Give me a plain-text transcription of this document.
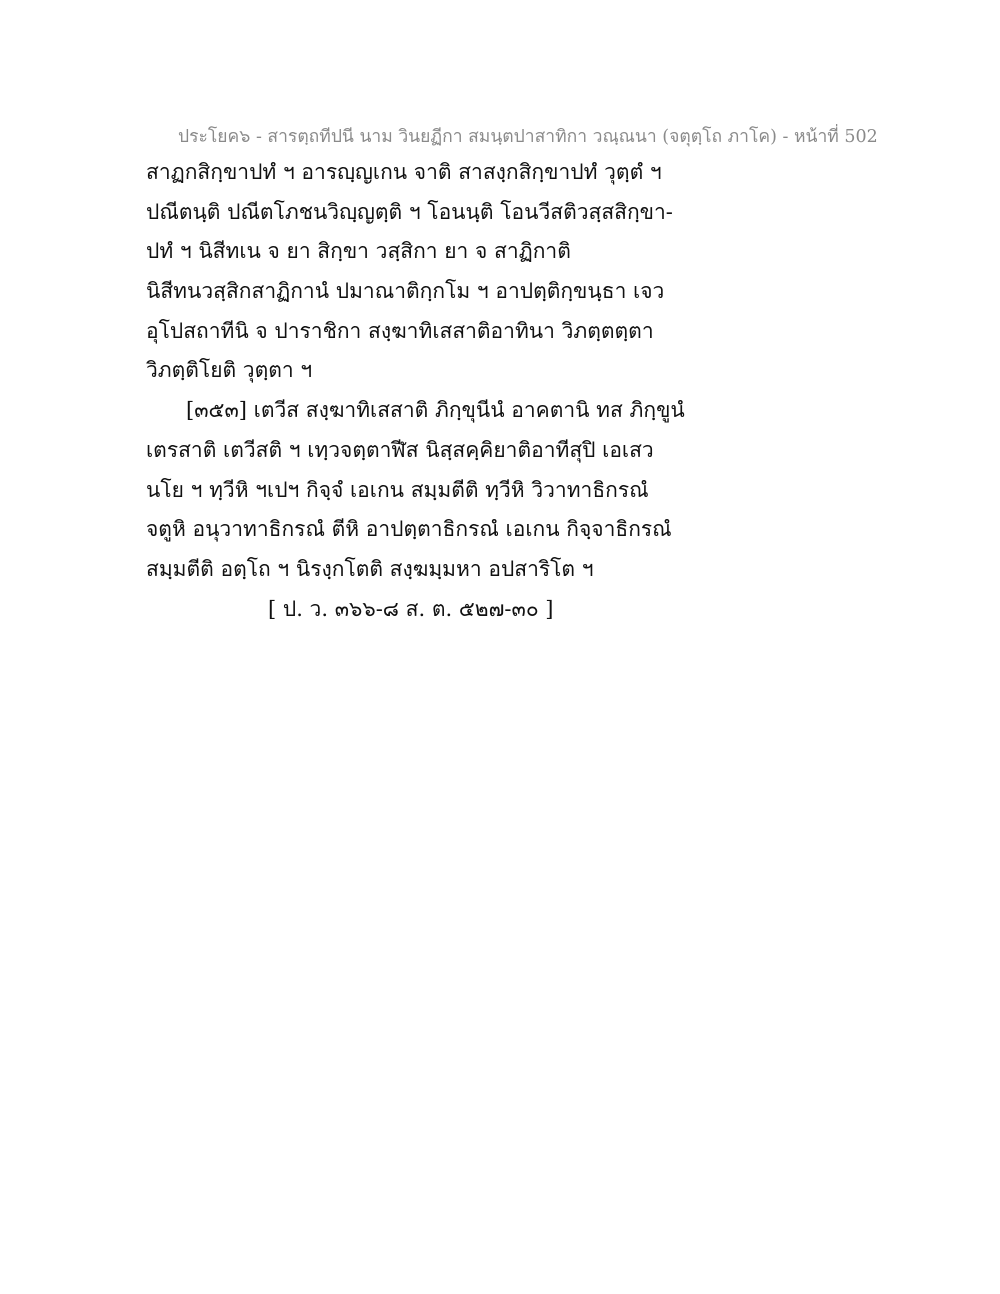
ประโยค๖ - สารตฺถทีปนี นาม วินยฏีกา สมนฺตปาสาทิกา วณฺณนา (จตุตฺโถ ภาโค) - หน้าที่ 502
สาฏกสิกฺขาปทํ ฯ อารญฺญเกน จาติ สาสงฺกสิกฺขาปทํ วุตฺตํ ฯ
ปณีตนฺติ ปณีตโภชนวิญฺญตฺติ ฯ โอนนฺติ โอนวีสติวสฺสสิกฺขา-
ปทํ ฯ นิสีทเน จ ยา สิกฺขา วสฺสิกา ยา จ สาฏิกาติ
นิสีทนวสฺสิกสาฏิกานํ ปมาณาติกฺกโม ฯ อาปตฺติกฺขนฺธา เจว
อุโปสถาทีนิ จ ปาราชิกา สงฺฆาทิเสสาติอาทินา วิภตฺตตฺตา
วิภตฺติโยติ วุตฺตา ฯ
[๓๕๓] เตวีส สงฺฆาทิเสสาติ ภิกฺขุนีนํ อาคตานิ ทส ภิกฺขูนํ
เตรสาติ เตวีสติ ฯ เทฺวจตฺตาฬีส นิสฺสคฺคิยาติอาทีสุปิ เอเสว
นโย ฯ ทฺวีหิ ฯเปฯ กิจฺจํ เอเกน สมฺมตีติ ทฺวีหิ วิวาทาธิกรณํ
จตูหิ อนุวาทาธิกรณํ ตีหิ อาปตฺตาธิกรณํ เอเกน กิจฺจาธิกรณํ
สมฺมตีติ อตฺโถ ฯ นิรงฺกโตติ สงฺฆมฺมหา อปสาริโต ฯ
[ ป. ว. ๓๖๖-๘ ส. ต. ๕๒๗-๓๐ ]
